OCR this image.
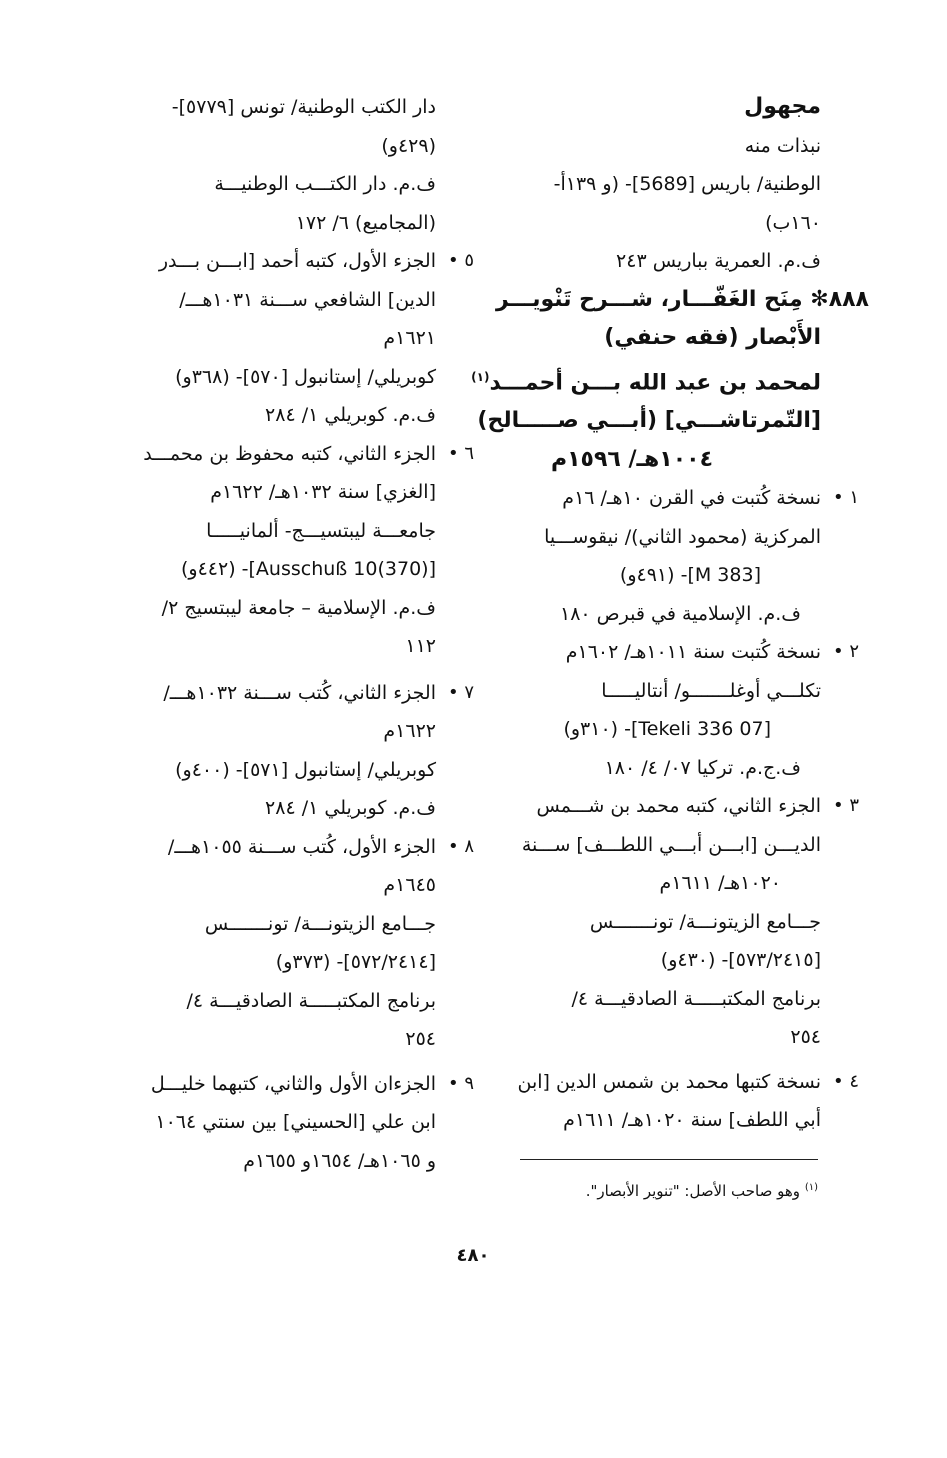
مجهول
نبذات منه
الوطنية/ باريس [5689]- (و ١٣٩أ-
١٦٠ب)
ف.م. العمرية بباريس ٢٤٣
٨٨٨✻ مِنَح الغَفّـــار، شـــرح تَنْويـــر
الأَبْصار (فقه حنفي)
لمحمد بن عبد الله بـــن أحمـــد$^{(١)}$
[التّمرتاشـــي] (أبـــي صـــــالح)
١٠٠٤هـ/ ١٥٩٦م
١ •
نسخة كُتبت في القرن ١٠هـ/ ١٦م
المركزية (محمود الثاني)/ نيقوســـيا
[M 383]- (٤٩١و)
ف.م. الإسلامية في قبرص ١٨٠
٢ •
نسخة كُتبت سنة ١٠١١هـ/ ١٦٠٢م
تكلـــي أوغلـــــــو/ أنتاليـــــا
[07 Tekeli 336]- (٣١٠و)
ف.ج.م. تركيا ٠٧/ ٤/ ١٨٠
٣ •
الجزء الثاني، كتبه محمد بن شـــمس
الديـــن [ابـــن أبـــي اللطـــف] ســـنة
١٠٢٠هـ/ ١٦١١م
جـــامع الزيتونـــة/ تونـــــــس
[٥٧٣/٢٤١٥]- (٤٣٠و)
برنامج المكتبـــــة الصادقيـــة ٤/
٢٥٤
٤ •
نسخة كتبها محمد بن شمس الدين [ابن
أبي اللطف] سنة ١٠٢٠هـ/ ١٦١١م
دار الكتب الوطنية/ تونس [٥٧٧٩]-
(٤٢٩و)
ف.م. دار الكتـــب الوطنيـــة
(المجاميع) ٦/ ١٧٢
٥ •
الجزء الأول، كتبه أحمد [ابـــن بـــدر
الدين] الشافعي ســـنة ١٠٣١هـــ/
١٦٢١م
كوبريلي/ إستانبول [٥٧٠]- (٣٦٨و)
ف.م. كوبريلي ١/ ٢٨٤
٦ •
الجزء الثاني، كتبه محفوظ بن محمـــد
[الغزي] سنة ١٠٣٢هـ/ ١٦٢٢م
جامعـــة ليبتسيـــج- ألمانيـــــا
[Ausschuß 10(370)]- (٤٤٢و)
ف.م. الإسلامية – جامعة ليبتسيج ٢/
١١٢
٧ •
الجزء الثاني، كُتب ســـنة ١٠٣٢هـــ/
١٦٢٢م
كوبريلي/ إستانبول [٥٧١]- (٤٠٠و)
ف.م. كوبريلي ١/ ٢٨٤
٨ •
الجزء الأول، كُتب ســـنة ١٠٥٥هـــ/
١٦٤٥م
جـــامع الزيتونـــة/ تونـــــــس
[٥٧٢/٢٤١٤]- (٣٧٣و)
برنامج المكتبـــــة الصادقيـــة ٤/
٢٥٤
٩ •
الجزءان الأول والثاني، كتبهما خليـــل
ابن علي [الحسيني] بين سنتي ١٠٦٤
و ١٠٦٥هـ/ ١٦٥٤و ١٦٥٥م
$^{(١)}$ وهو صاحب الأصل: "تنوير الأبصار".
٤٨٠
